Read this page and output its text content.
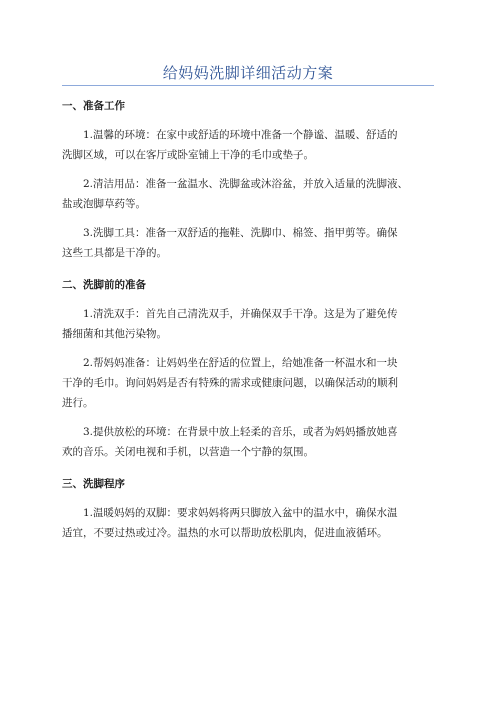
给妈妈洗脚详细活动方案
一、准备工作
1.温馨的环境：在家中或舒适的环境中准备一个静谧、温暖、舒适的
洗脚区域，可以在客厅或卧室铺上干净的毛巾或垫子。
2.清洁用品：准备一盆温水、洗脚盆或沐浴盆，并放入适量的洗脚液、
盐或泡脚草药等。
3.洗脚工具：准备一双舒适的拖鞋、洗脚巾、棉签、指甲剪等。确保
这些工具都是干净的。
二、洗脚前的准备
1.清洗双手：首先自己清洗双手，并确保双手干净。这是为了避免传
播细菌和其他污染物。
2.帮妈妈准备：让妈妈坐在舒适的位置上，给她准备一杯温水和一块
干净的毛巾。询问妈妈是否有特殊的需求或健康问题，以确保活动的顺利
进行。
3.提供放松的环境：在背景中放上轻柔的音乐，或者为妈妈播放她喜
欢的音乐。关闭电视和手机，以营造一个宁静的氛围。
三、洗脚程序
1.温暖妈妈的双脚：要求妈妈将两只脚放入盆中的温水中，确保水温
适宜，不要过热或过冷。温热的水可以帮助放松肌肉，促进血液循环。
